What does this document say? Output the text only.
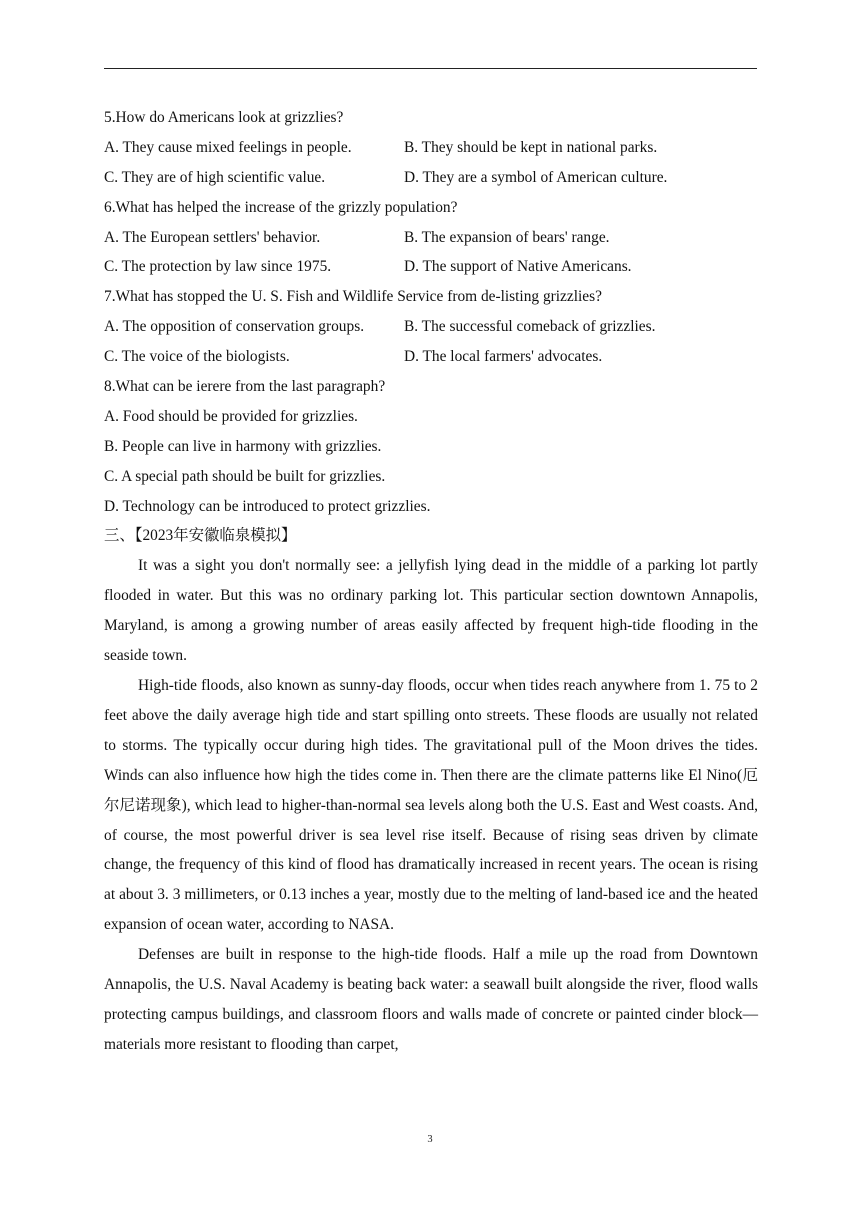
5.How do Americans look at grizzlies?
A. They cause mixed feelings in people.	B. They should be kept in national parks.
C. They are of high scientific value.	D. They are a symbol of American culture.
6.What has helped the increase of the grizzly population?
A. The European settlers' behavior.	B. The expansion of bears' range.
C. The protection by law since 1975.	D. The support of Native Americans.
7.What has stopped the U. S. Fish and Wildlife Service from de-listing grizzlies?
A. The opposition of conservation groups.	B. The successful comeback of grizzlies.
C. The voice of the biologists.	D. The local farmers' advocates.
8.What can be ierere from the last paragraph?
A. Food should be provided for grizzlies.
B. People can live in harmony with grizzlies.
C. A special path should be built for grizzlies.
D. Technology can be introduced to protect grizzlies.
三、【2023年安徽临泉模拟】

It was a sight you don't normally see: a jellyfish lying dead in the middle of a parking lot partly flooded in water. But this was no ordinary parking lot. This particular section downtown Annapolis, Maryland, is among a growing number of areas easily affected by frequent high-tide flooding in the seaside town.

High-tide floods, also known as sunny-day floods, occur when tides reach anywhere from 1. 75 to 2 feet above the daily average high tide and start spilling onto streets. These floods are usually not related to storms. The typically occur during high tides. The gravitational pull of the Moon drives the tides. Winds can also influence how high the tides come in. Then there are the climate patterns like El Nino(厄尔尼诺现象), which lead to higher-than-normal sea levels along both the U.S. East and West coasts. And, of course, the most powerful driver is sea level rise itself. Because of rising seas driven by climate change, the frequency of this kind of flood has dramatically increased in recent years. The ocean is rising at about 3. 3 millimeters, or 0.13 inches a year, mostly due to the melting of land-based ice and the heated expansion of ocean water, according to NASA.

Defenses are built in response to the high-tide floods. Half a mile up the road from Downtown Annapolis, the U.S. Naval Academy is beating back water: a seawall built alongside the river, flood walls protecting campus buildings, and classroom floors and walls made of concrete or painted cinder block—materials more resistant to flooding than carpet,

3
